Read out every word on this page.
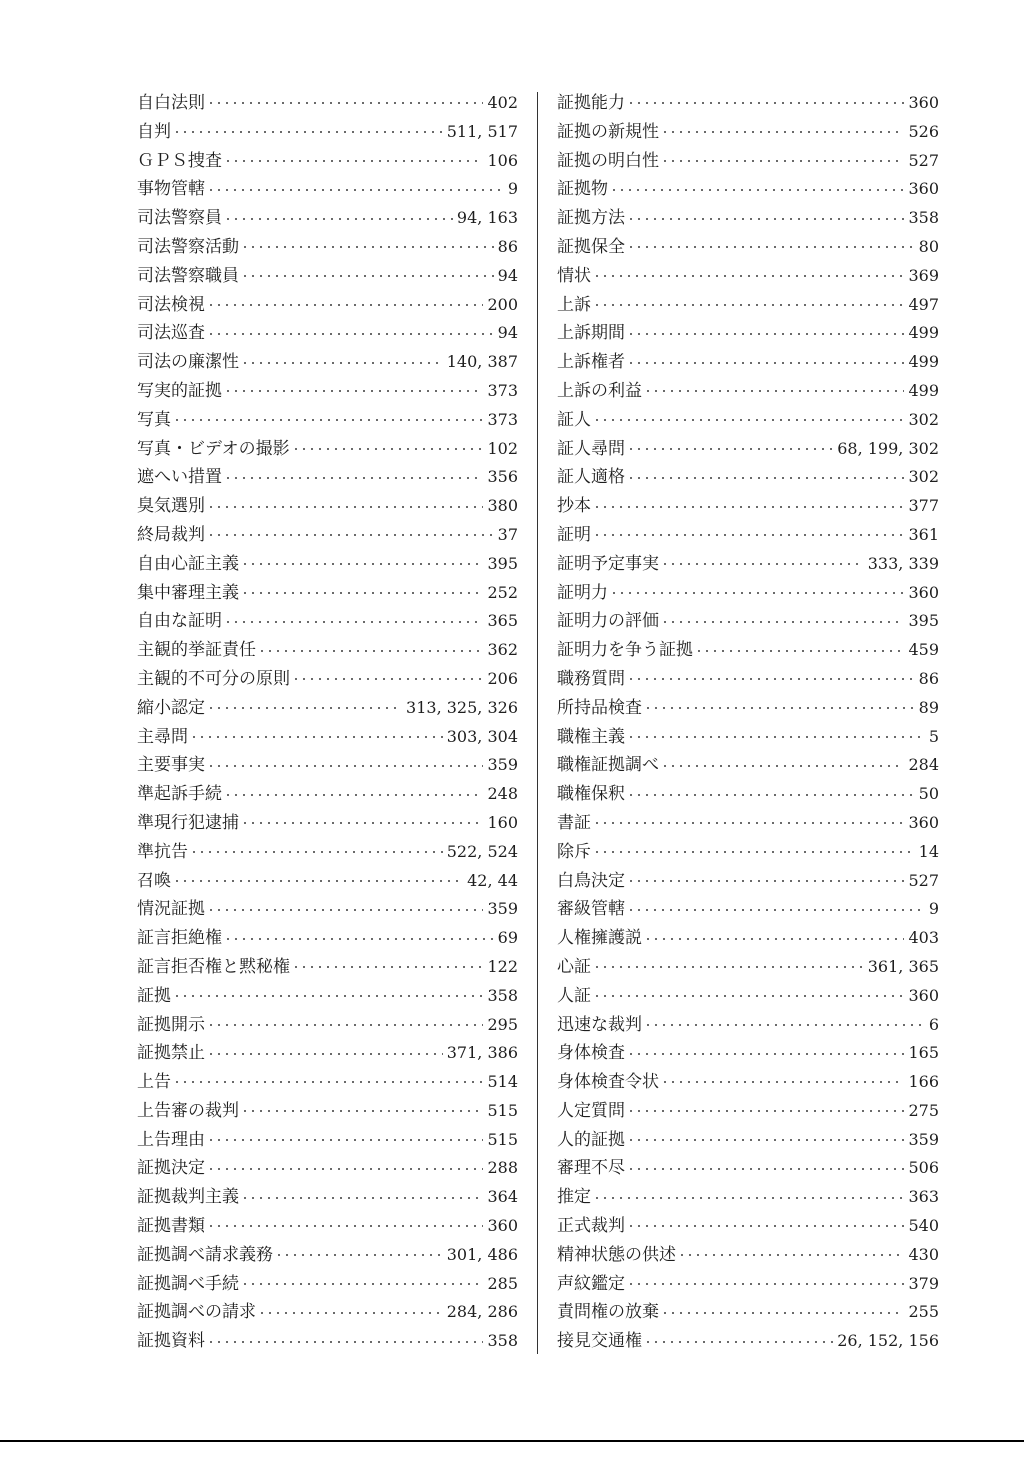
自白法則	402
自判	511, 517
ＧＰＳ捜査	106
事物管轄	9
司法警察員	94, 163
司法警察活動	86
司法警察職員	94
司法検視	200
司法巡査	94
司法の廉潔性	140, 387
写実的証拠	373
写真	373
写真・ビデオの撮影	102
遮へい措置	356
臭気選別	380
終局裁判	37
自由心証主義	395
集中審理主義	252
自由な証明	365
主観的挙証責任	362
主観的不可分の原則	206
縮小認定	313, 325, 326
主尋問	303, 304
主要事実	359
準起訴手続	248
準現行犯逮捕	160
準抗告	522, 524
召喚	42, 44
情況証拠	359
証言拒絶権	69
証言拒否権と黙秘権	122
証拠	358
証拠開示	295
証拠禁止	371, 386
上告	514
上告審の裁判	515
上告理由	515
証拠決定	288
証拠裁判主義	364
証拠書類	360
証拠調べ請求義務	301, 486
証拠調べ手続	285
証拠調べの請求	284, 286
証拠資料	358
証拠能力	360
証拠の新規性	526
証拠の明白性	527
証拠物	360
証拠方法	358
証拠保全	80
情状	369
上訴	497
上訴期間	499
上訴権者	499
上訴の利益	499
証人	302
証人尋問	68, 199, 302
証人適格	302
抄本	377
証明	361
証明予定事実	333, 339
証明力	360
証明力の評価	395
証明力を争う証拠	459
職務質問	86
所持品検査	89
職権主義	5
職権証拠調べ	284
職権保釈	50
書証	360
除斥	14
白鳥決定	527
審級管轄	9
人権擁護説	403
心証	361, 365
人証	360
迅速な裁判	6
身体検査	165
身体検査令状	166
人定質問	275
人的証拠	359
審理不尽	506
推定	363
正式裁判	540
精神状態の供述	430
声紋鑑定	379
責問権の放棄	255
接見交通権	26, 152, 156
